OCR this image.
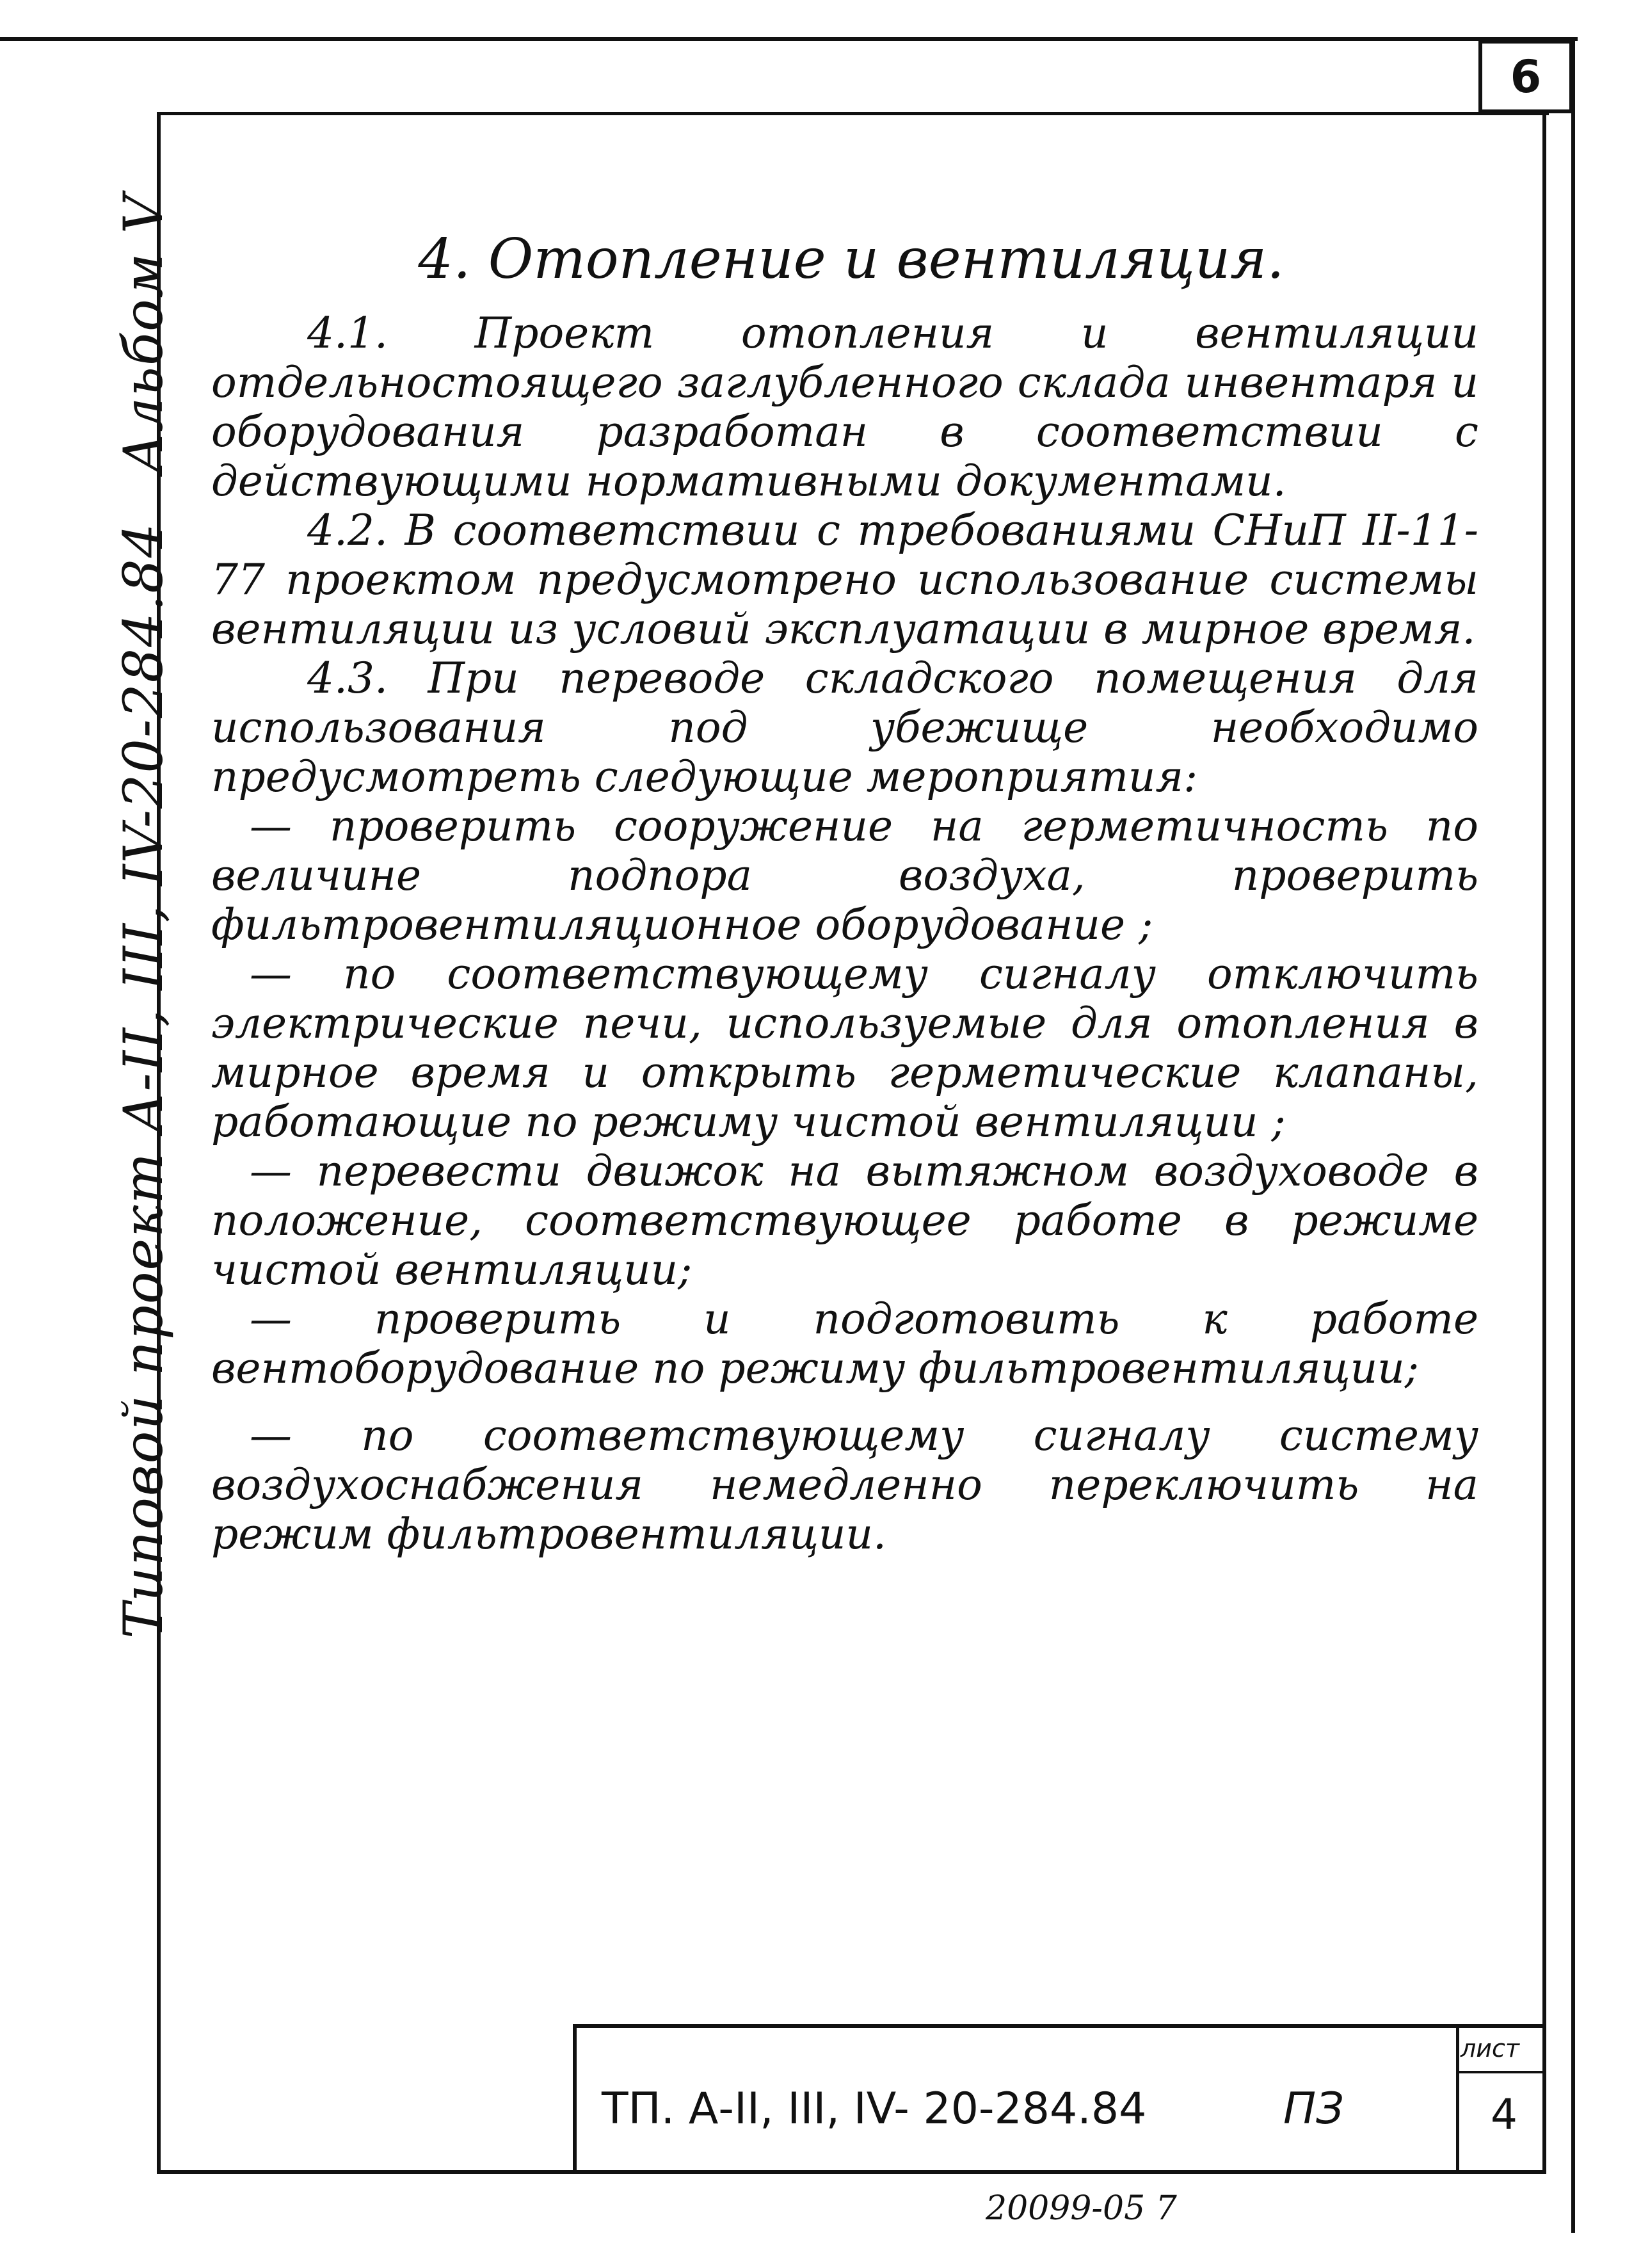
6
Альбом V
Типовой проект А-II, III, IV-20-284.84
4. Отопление и вентиляция.

4.1. Проект отопления и вентиляции отдельностоящего заглубленного склада инвентаря и оборудования разработан в соответствии с действующими нормативными документами.

4.2. В соответствии с требованиями СНиП II-11-77 проектом предусмотрено использование системы вентиляции из условий эксплуатации в мирное время.

4.3. При переводе складского помещения для использования под убежище необходимо предусмотреть следующие мероприятия:

— проверить сооружение на герметичность по величине подпора воздуха, проверить фильтровентиляционное оборудование ;

— по соответствующему сигналу отключить электрические печи, используемые для отопления в мирное время и открыть герметические клапаны, работающие по режиму чистой вентиляции ;

— перевести движок на вытяжном воздуховоде в положение, соответствующее работе в режиме чистой вентиляции;

— проверить и подготовить к работе вентоборудование по режиму фильтровентиляции;

— по соответствующему сигналу систему воздухоснабжения немедленно переключить на режим фильтровентиляции.

ТП. А-II, III, IV- 20-284.84	ПЗ
лист
4
20099-05 7
